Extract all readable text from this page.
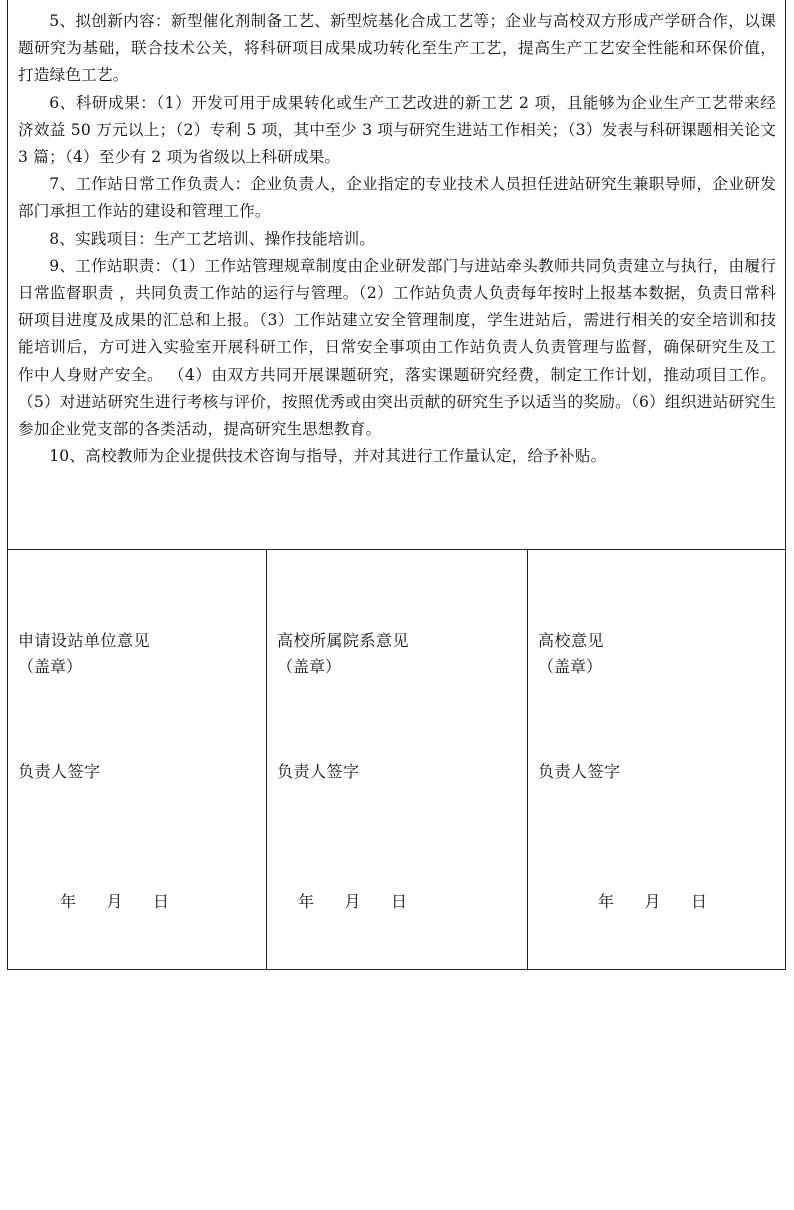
5、拟创新内容：新型催化剂制备工艺、新型烷基化合成工艺等；企业与高校双方形成产学研合作，以课题研究为基础，联合技术公关，将科研项目成果成功转化至生产工艺，提高生产工艺安全性能和环保价值，打造绿色工艺。

6、科研成果：（1）开发可用于成果转化或生产工艺改进的新工艺 2 项，且能够为企业生产工艺带来经济效益 50 万元以上；（2）专利 5 项，其中至少 3 项与研究生进站工作相关；（3）发表与科研课题相关论文 3 篇；（4）至少有 2 项为省级以上科研成果。

7、工作站日常工作负责人：企业负责人，企业指定的专业技术人员担任进站研究生兼职导师，企业研发部门承担工作站的建设和管理工作。

8、实践项目：生产工艺培训、操作技能培训。

9、工作站职责：（1）工作站管理规章制度由企业研发部门与进站牵头教师共同负责建立与执行，由履行日常监督职责 ，共同负责工作站的运行与管理。（2）工作站负责人负责每年按时上报基本数据，负责日常科研项目进度及成果的汇总和上报。（3）工作站建立安全管理制度，学生进站后，需进行相关的安全培训和技能培训后，方可进入实验室开展科研工作，日常安全事项由工作站负责人负责管理与监督，确保研究生及工作中人身财产安全。 （4）由双方共同开展课题研究，落实课题研究经费，制定工作计划，推动项目工作。（5）对进站研究生进行考核与评价，按照优秀或由突出贡献的研究生予以适当的奖励。（6）组织进站研究生参加企业党支部的各类活动，提高研究生思想教育。

10、高校教师为企业提供技术咨询与指导，并对其进行工作量认定，给予补贴。

申请设站单位意见
（盖章）
负责人签字
年      月      日
高校所属院系意见
（盖章）
负责人签字
年      月      日
高校意见
（盖章）
负责人签字
年      月      日
